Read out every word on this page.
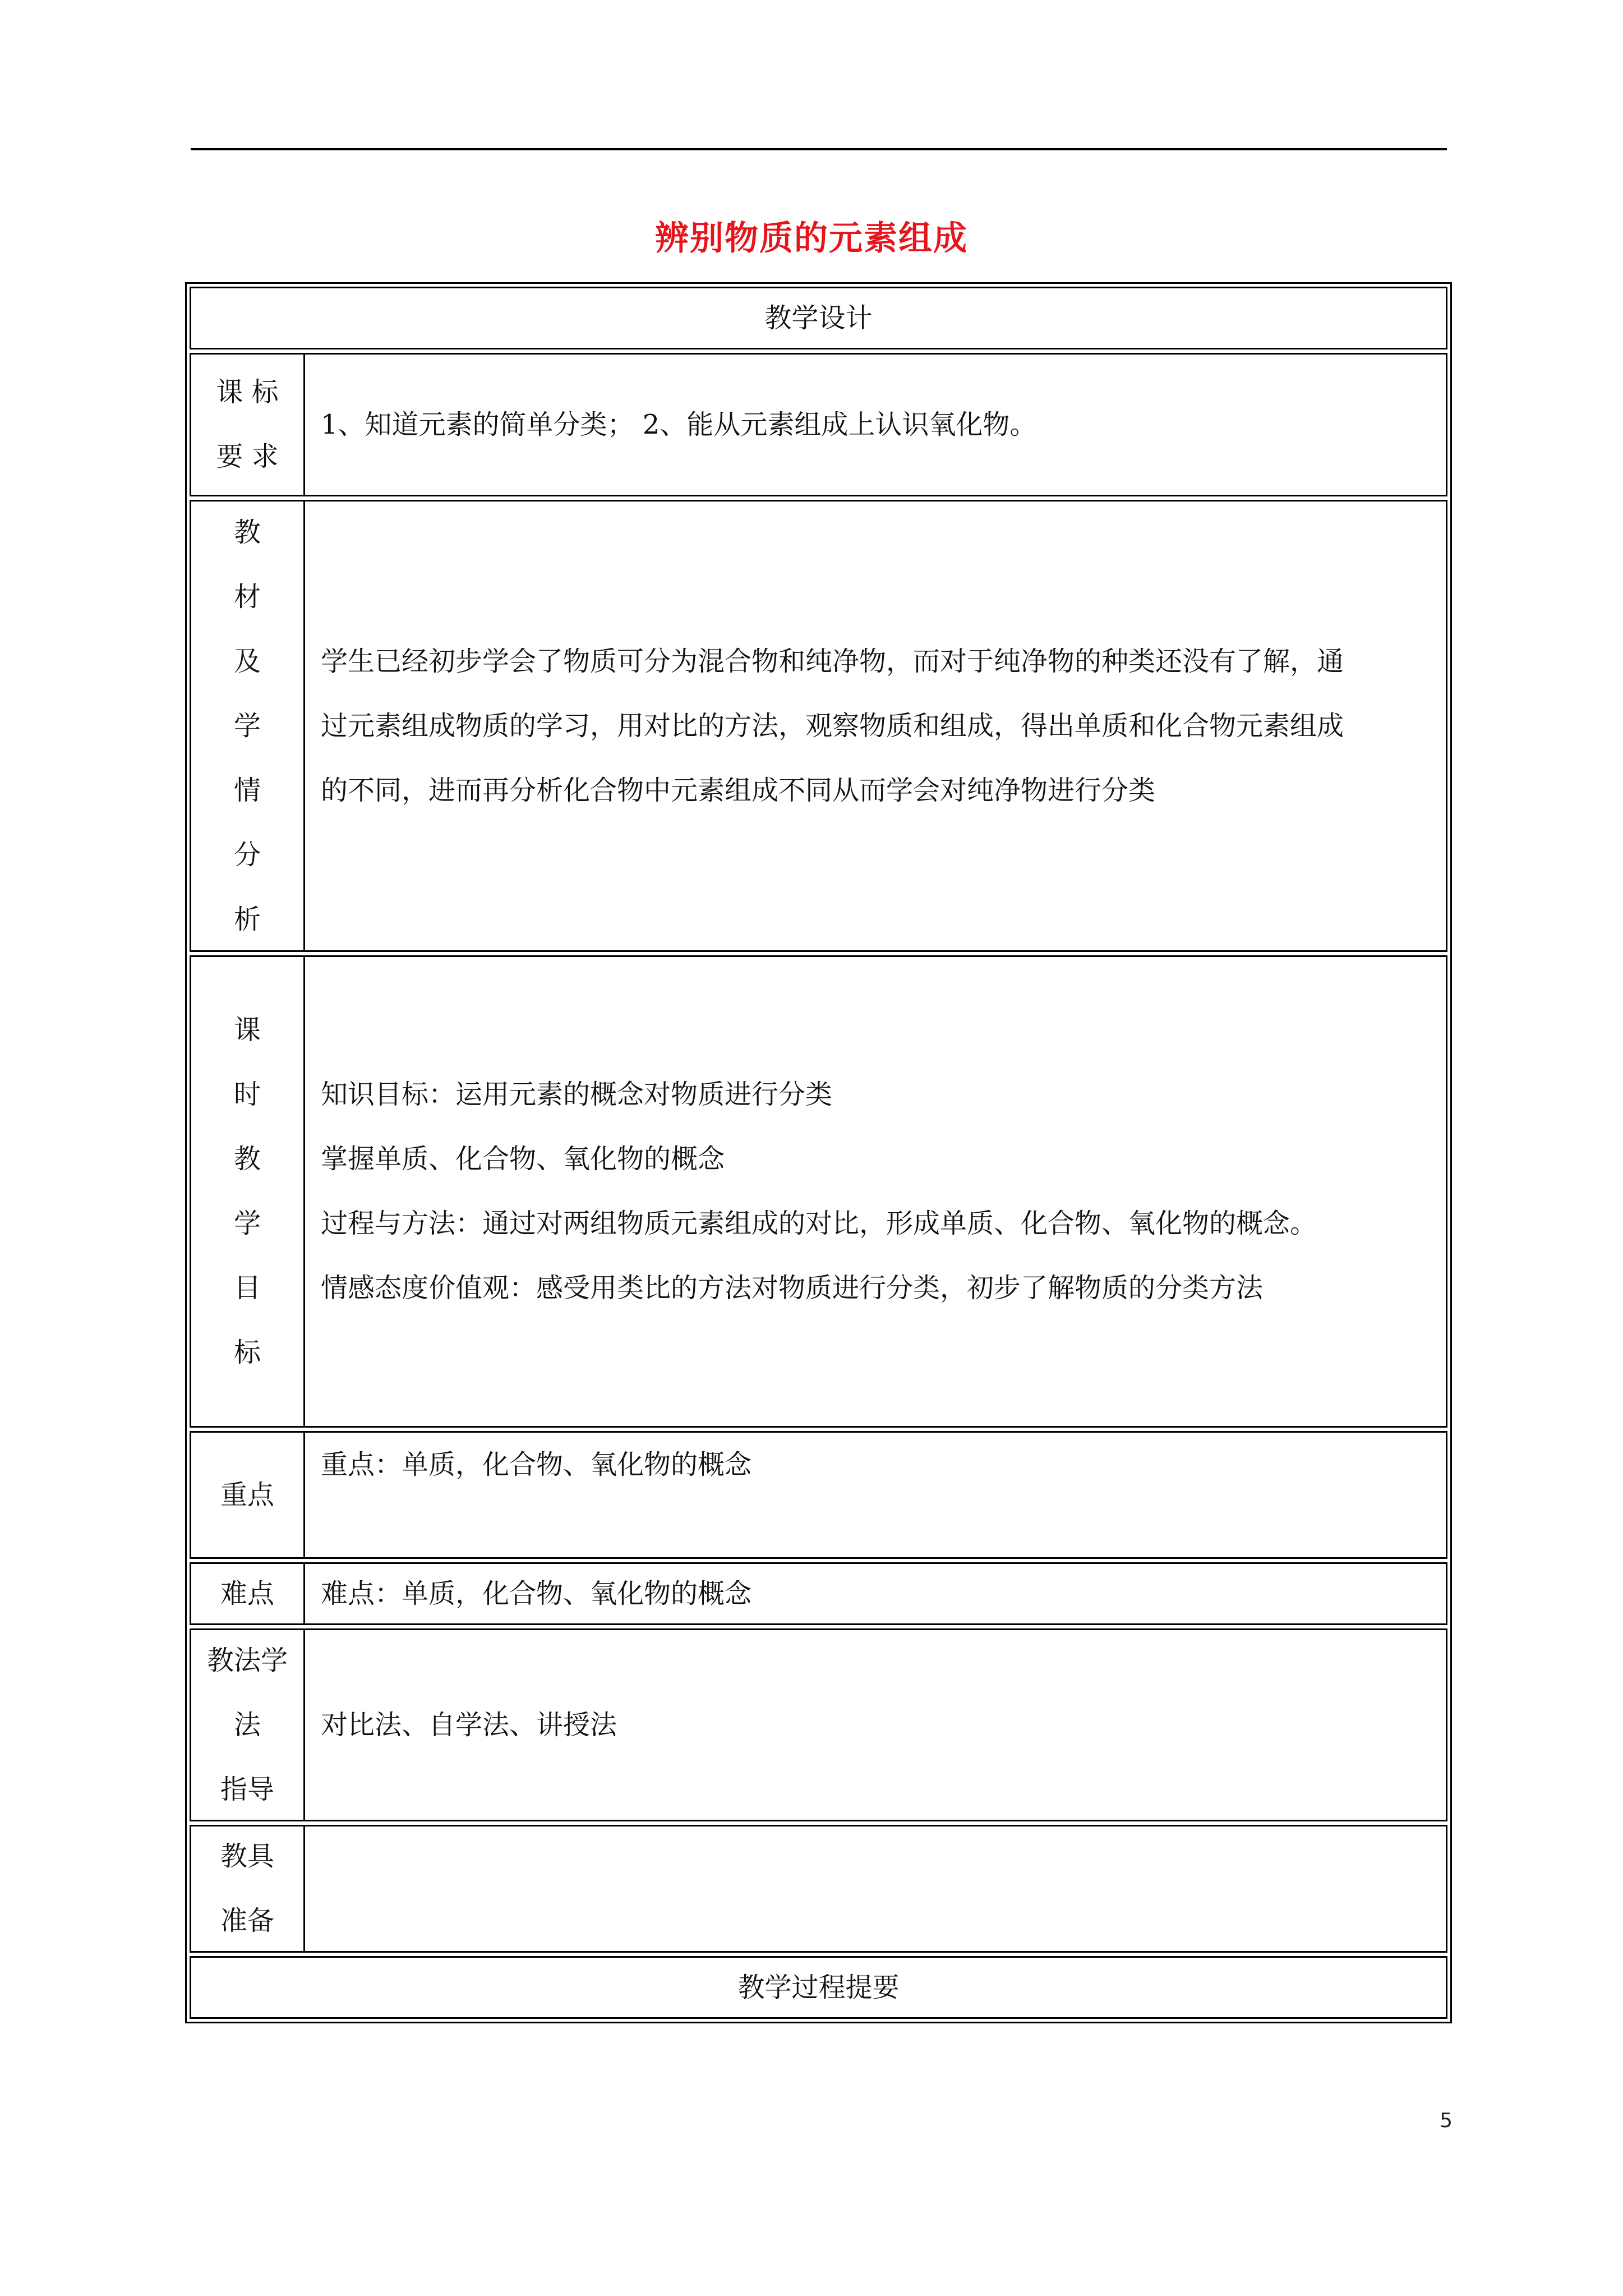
辨别物质的元素组成
教学设计
课 标
要 求
1、知道元素的简单分类； 2、能从元素组成上认识氧化物。
教
材
及
学
情
分
析
学生已经初步学会了物质可分为混合物和纯净物，而对于纯净物的种类还没有了解，通
过元素组成物质的学习，用对比的方法，观察物质和组成，得出单质和化合物元素组成
的不同，进而再分析化合物中元素组成不同从而学会对纯净物进行分类
课
时
教
学
目
标
知识目标：运用元素的概念对物质进行分类
掌握单质、化合物、氧化物的概念
过程与方法：通过对两组物质元素组成的对比，形成单质、化合物、氧化物的概念。
情感态度价值观：感受用类比的方法对物质进行分类，初步了解物质的分类方法
重点
重点：单质，化合物、氧化物的概念
难点 难点：单质，化合物、氧化物的概念
教法学
法
指导
对比法、自学法、讲授法
教具
准备
教学过程提要
5
